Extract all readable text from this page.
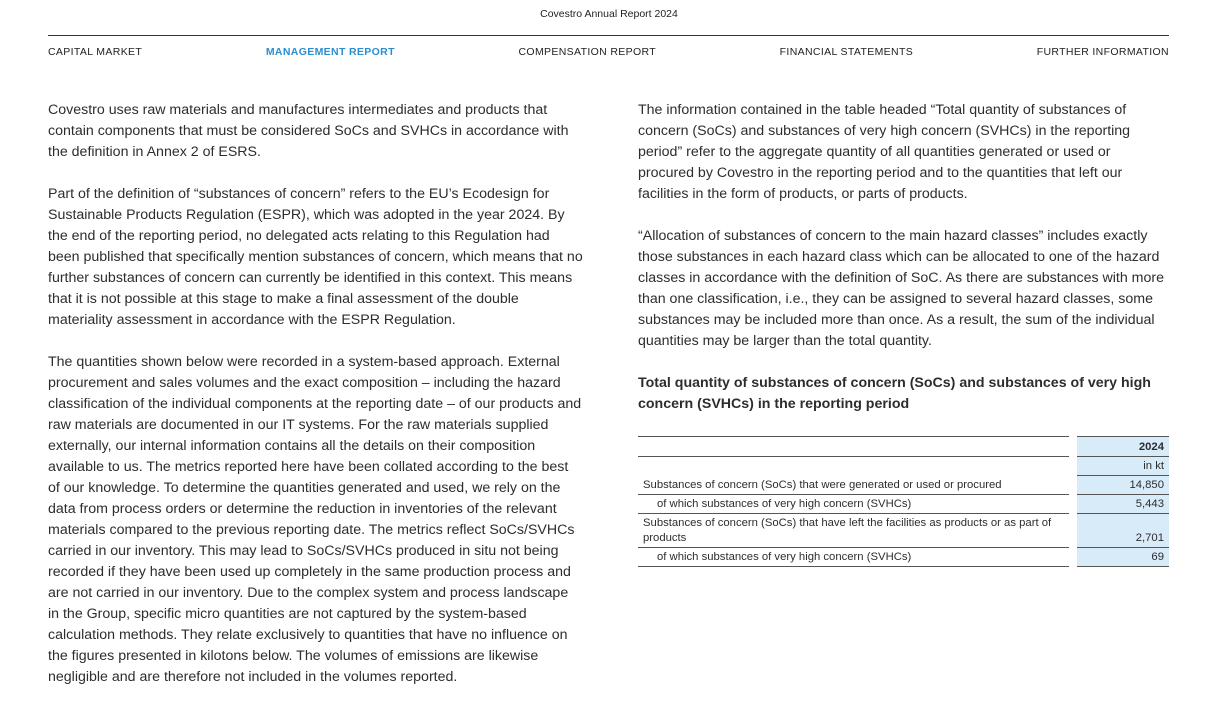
Covestro Annual Report 2024
CAPITAL MARKET	MANAGEMENT REPORT	COMPENSATION REPORT	FINANCIAL STATEMENTS	FURTHER INFORMATION

Covestro uses raw materials and manufactures intermediates and products that contain components that must be considered SoCs and SVHCs in accordance with the definition in Annex 2 of ESRS.

Part of the definition of “substances of concern” refers to the EU’s Ecodesign for Sustainable Products Regulation (ESPR), which was adopted in the year 2024. By the end of the reporting period, no delegated acts relating to this Regulation had been published that specifically mention substances of concern, which means that no further substances of concern can currently be identified in this context. This means that it is not possible at this stage to make a final assessment of the double materiality assessment in accordance with the ESPR Regulation.

The quantities shown below were recorded in a system-based approach. External procurement and sales volumes and the exact composition – including the hazard classification of the individual components at the reporting date – of our products and raw materials are documented in our IT systems. For the raw materials supplied externally, our internal information contains all the details on their composition available to us. The metrics reported here have been collated according to the best of our knowledge. To determine the quantities generated and used, we rely on the data from process orders or determine the reduction in inventories of the relevant materials compared to the previous reporting date. The metrics reflect SoCs/SVHCs carried in our inventory. This may lead to SoCs/SVHCs produced in situ not being recorded if they have been used up completely in the same production process and are not carried in our inventory. Due to the complex system and process landscape in the Group, specific micro quantities are not captured by the system-based calculation methods. They relate exclusively to quantities that have no influence on the figures presented in kilotons below. The volumes of emissions are likewise negligible and are therefore not included in the volumes reported.

The information contained in the table headed “Total quantity of substances of concern (SoCs) and substances of very high concern (SVHCs) in the reporting period” refer to the aggregate quantity of all quantities generated or used or procured by Covestro in the reporting period and to the quantities that left our facilities in the form of products, or parts of products.

“Allocation of substances of concern to the main hazard classes” includes exactly those substances in each hazard class which can be allocated to one of the hazard classes in accordance with the definition of SoC. As there are substances with more than one classification, i.e., they can be assigned to several hazard classes, some substances may be included more than once. As a result, the sum of the individual quantities may be larger than the total quantity.

Total quantity of substances of concern (SoCs) and substances of very high concern (SVHCs) in the reporting period

		2024
		in kt
Substances of concern (SoCs) that were generated or used or procured		14,850
of which substances of very high concern (SVHCs)		5,443
Substances of concern (SoCs) that have left the facilities as products or as part of products		2,701
of which substances of very high concern (SVHCs)		69
